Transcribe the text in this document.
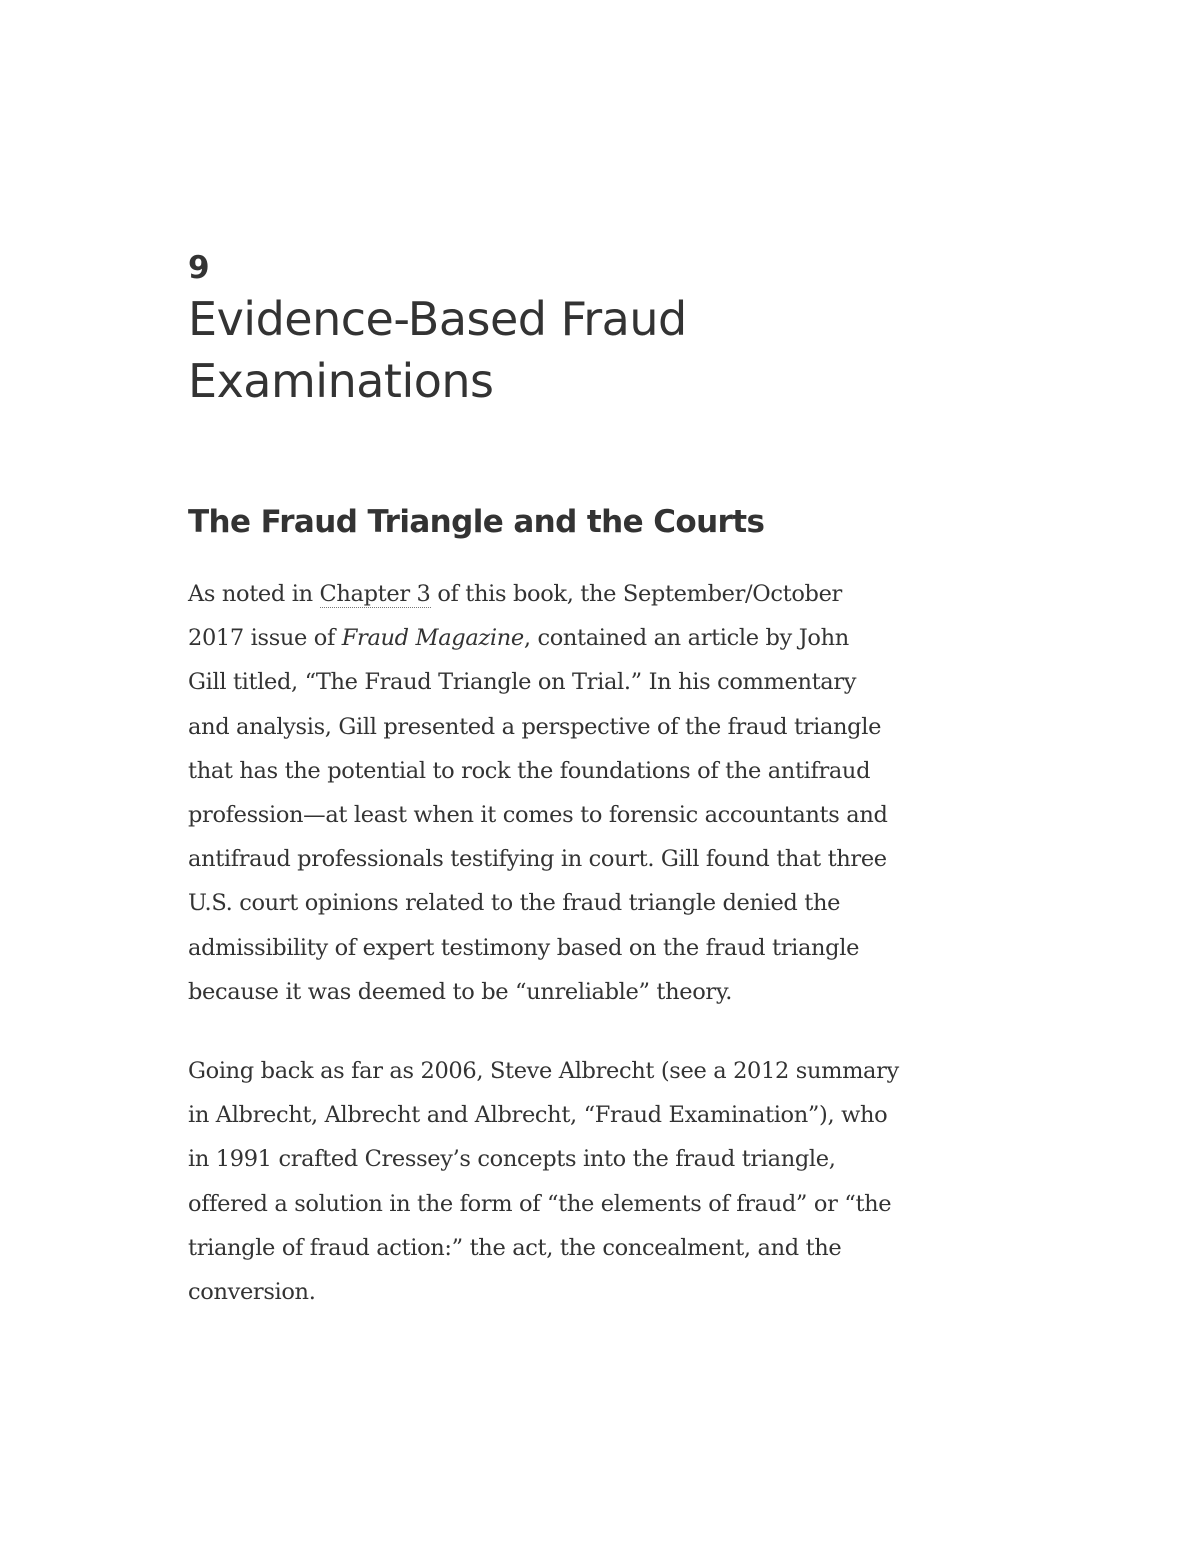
9
Evidence-Based Fraud
Examinations
The Fraud Triangle and the Courts

As noted in Chapter 3 of this book, the September/October
2017 issue of Fraud Magazine, contained an article by John
Gill titled, “The Fraud Triangle on Trial.” In his commentary
and analysis, Gill presented a perspective of the fraud triangle
that has the potential to rock the foundations of the antifraud
profession—at least when it comes to forensic accountants and
antifraud professionals testifying in court. Gill found that three
U.S. court opinions related to the fraud triangle denied the
admissibility of expert testimony based on the fraud triangle
because it was deemed to be “unreliable” theory.

Going back as far as 2006, Steve Albrecht (see a 2012 summary
in Albrecht, Albrecht and Albrecht, “Fraud Examination”), who
in 1991 crafted Cressey’s concepts into the fraud triangle,
offered a solution in the form of “the elements of fraud” or “the
triangle of fraud action:” the act, the concealment, and the
conversion.
